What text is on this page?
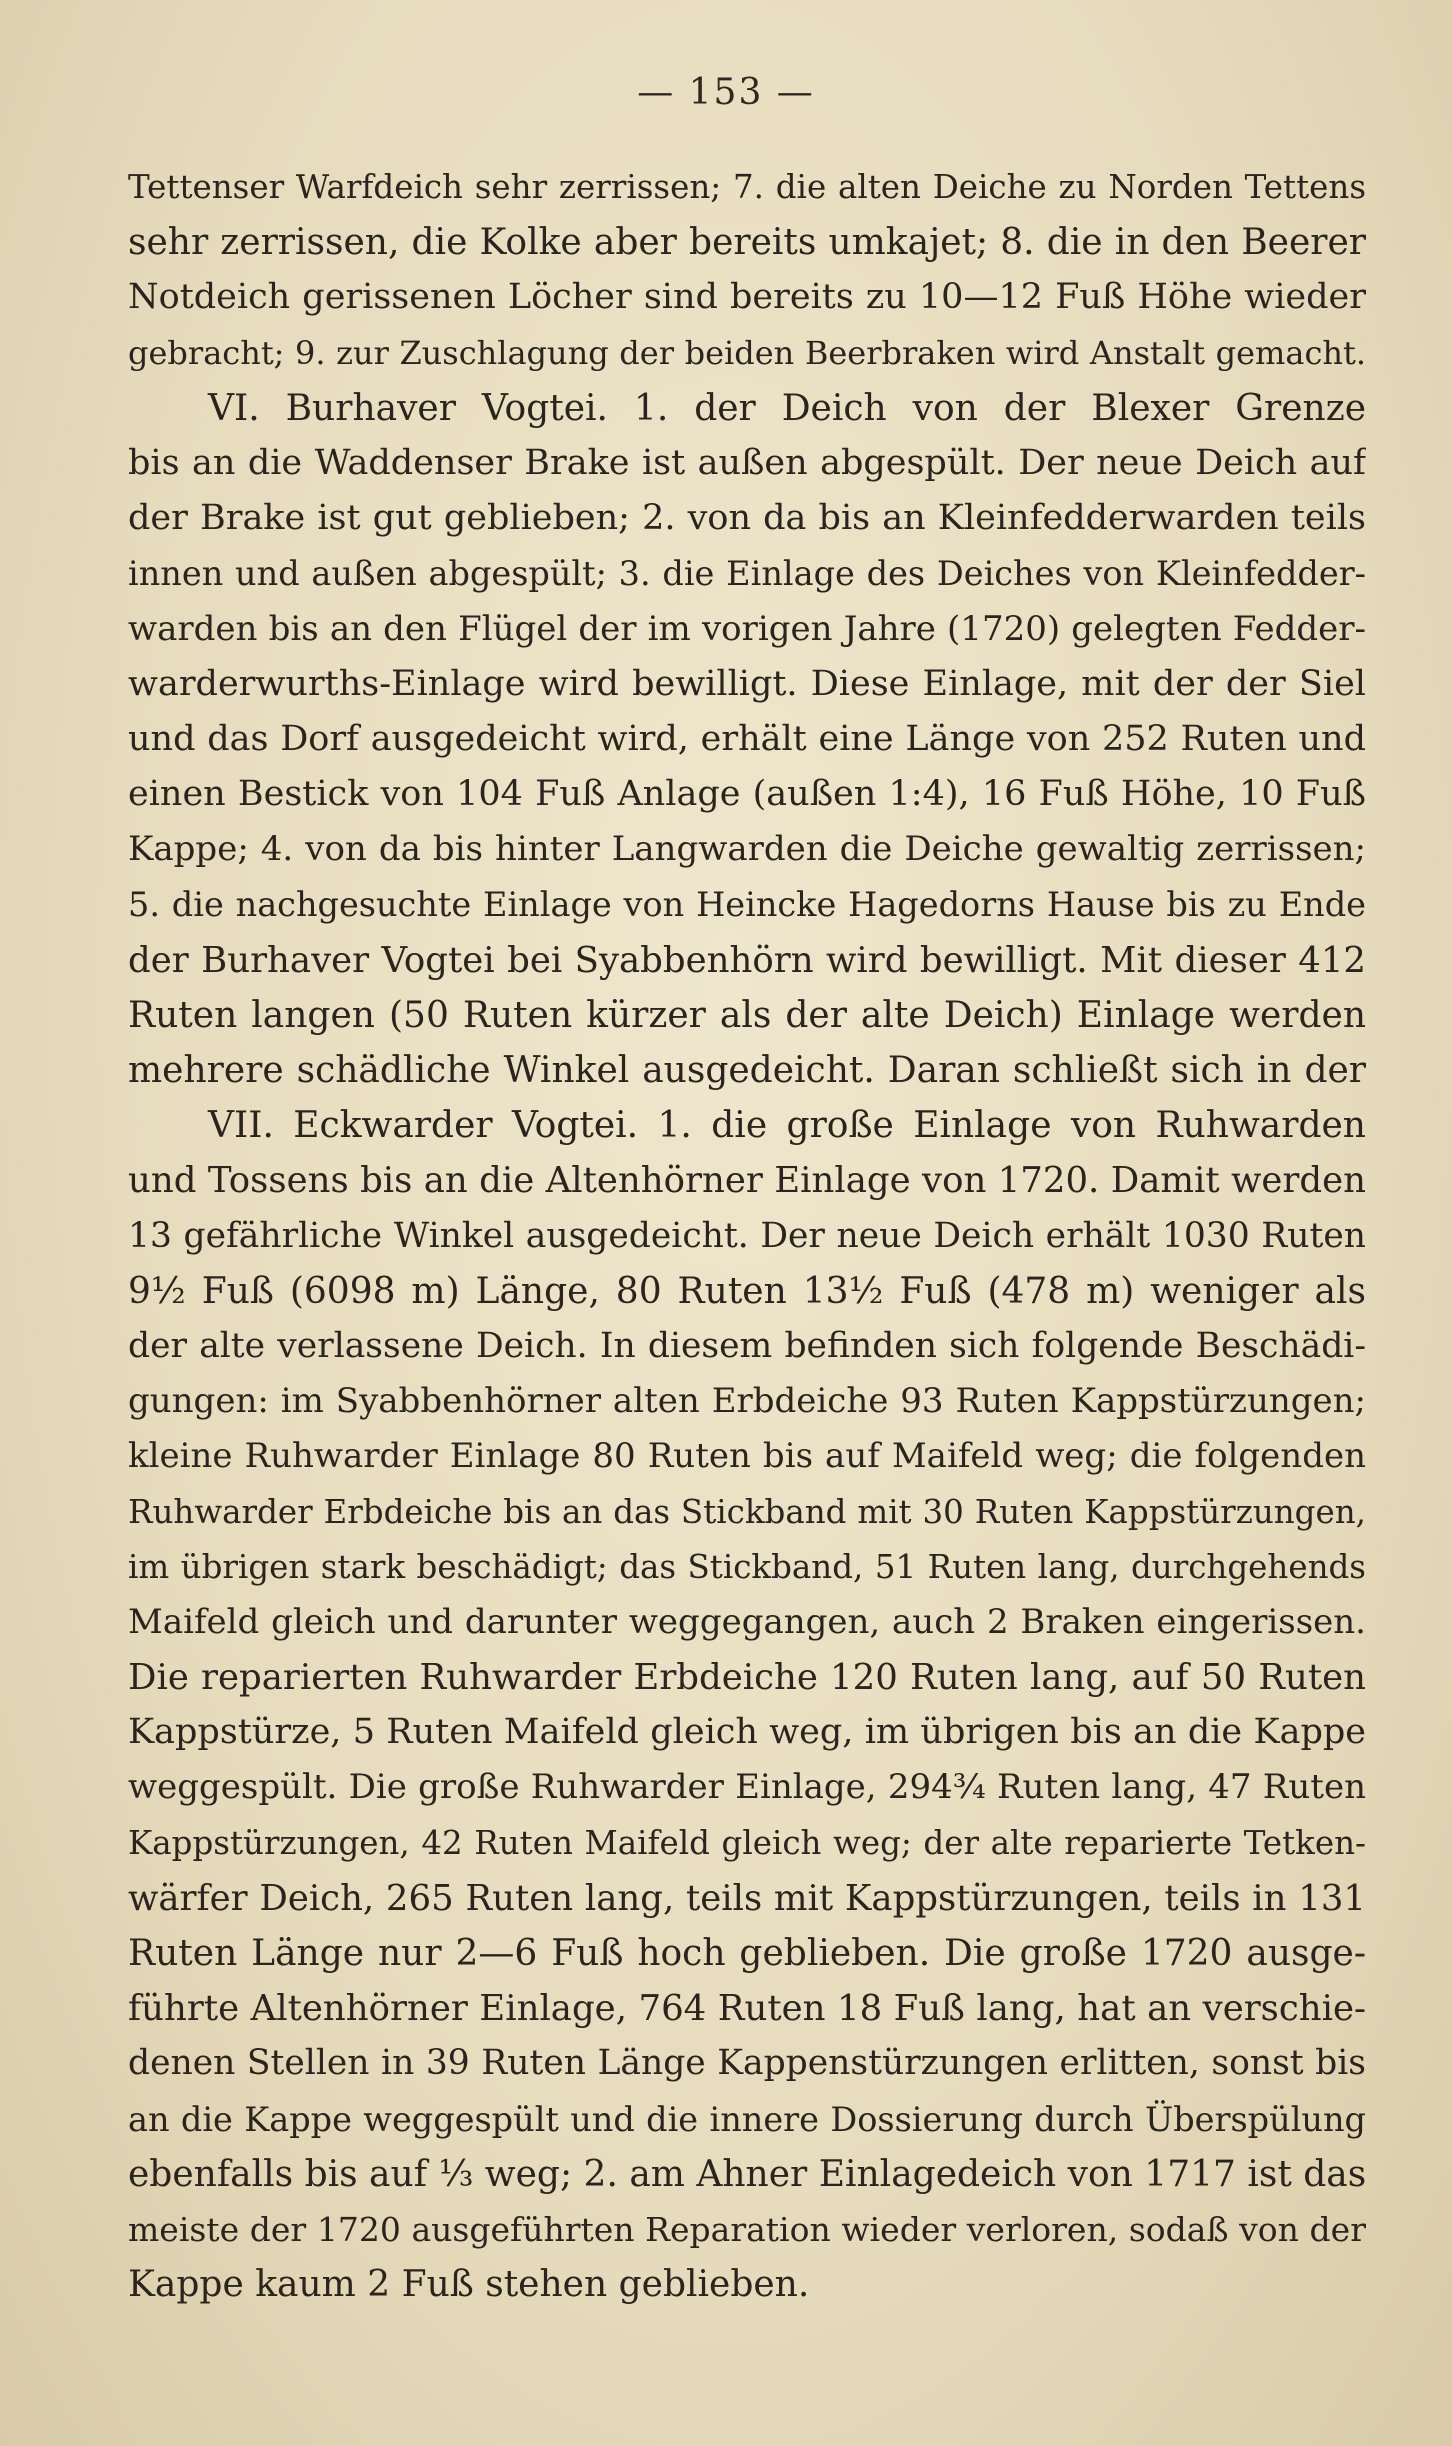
— 153 —
Tettenser Warfdeich sehr zerrissen; 7. die alten Deiche zu Norden Tettens
sehr zerrissen, die Kolke aber bereits umkajet; 8. die in den Beerer
Notdeich gerissenen Löcher sind bereits zu 10—12 Fuß Höhe wieder
gebracht; 9. zur Zuschlagung der beiden Beerbraken wird Anstalt gemacht.
VI. Burhaver Vogtei. 1. der Deich von der Blexer Grenze
bis an die Waddenser Brake ist außen abgespült. Der neue Deich auf
der Brake ist gut geblieben; 2. von da bis an Kleinfedderwarden teils
innen und außen abgespült; 3. die Einlage des Deiches von Kleinfedder-
warden bis an den Flügel der im vorigen Jahre (1720) gelegten Fedder-
warderwurths-Einlage wird bewilligt. Diese Einlage, mit der der Siel
und das Dorf ausgedeicht wird, erhält eine Länge von 252 Ruten und
einen Bestick von 104 Fuß Anlage (außen 1:4), 16 Fuß Höhe, 10 Fuß
Kappe; 4. von da bis hinter Langwarden die Deiche gewaltig zerrissen;
5. die nachgesuchte Einlage von Heincke Hagedorns Hause bis zu Ende
der Burhaver Vogtei bei Syabbenhörn wird bewilligt. Mit dieser 412
Ruten langen (50 Ruten kürzer als der alte Deich) Einlage werden
mehrere schädliche Winkel ausgedeicht. Daran schließt sich in der
VII. Eckwarder Vogtei. 1. die große Einlage von Ruhwarden
und Tossens bis an die Altenhörner Einlage von 1720. Damit werden
13 gefährliche Winkel ausgedeicht. Der neue Deich erhält 1030 Ruten
9½ Fuß (6098 m) Länge, 80 Ruten 13½ Fuß (478 m) weniger als
der alte verlassene Deich. In diesem befinden sich folgende Beschädi-
gungen: im Syabbenhörner alten Erbdeiche 93 Ruten Kappstürzungen;
kleine Ruhwarder Einlage 80 Ruten bis auf Maifeld weg; die folgenden
Ruhwarder Erbdeiche bis an das Stickband mit 30 Ruten Kappstürzungen,
im übrigen stark beschädigt; das Stickband, 51 Ruten lang, durchgehends
Maifeld gleich und darunter weggegangen, auch 2 Braken eingerissen.
Die reparierten Ruhwarder Erbdeiche 120 Ruten lang, auf 50 Ruten
Kappstürze, 5 Ruten Maifeld gleich weg, im übrigen bis an die Kappe
weggespült. Die große Ruhwarder Einlage, 294¾ Ruten lang, 47 Ruten
Kappstürzungen, 42 Ruten Maifeld gleich weg; der alte reparierte Tetken-
wärfer Deich, 265 Ruten lang, teils mit Kappstürzungen, teils in 131
Ruten Länge nur 2—6 Fuß hoch geblieben. Die große 1720 ausge-
führte Altenhörner Einlage, 764 Ruten 18 Fuß lang, hat an verschie-
denen Stellen in 39 Ruten Länge Kappenstürzungen erlitten, sonst bis
an die Kappe weggespült und die innere Dossierung durch Überspülung
ebenfalls bis auf ⅓ weg; 2. am Ahner Einlagedeich von 1717 ist das
meiste der 1720 ausgeführten Reparation wieder verloren, sodaß von der
Kappe kaum 2 Fuß stehen geblieben.
